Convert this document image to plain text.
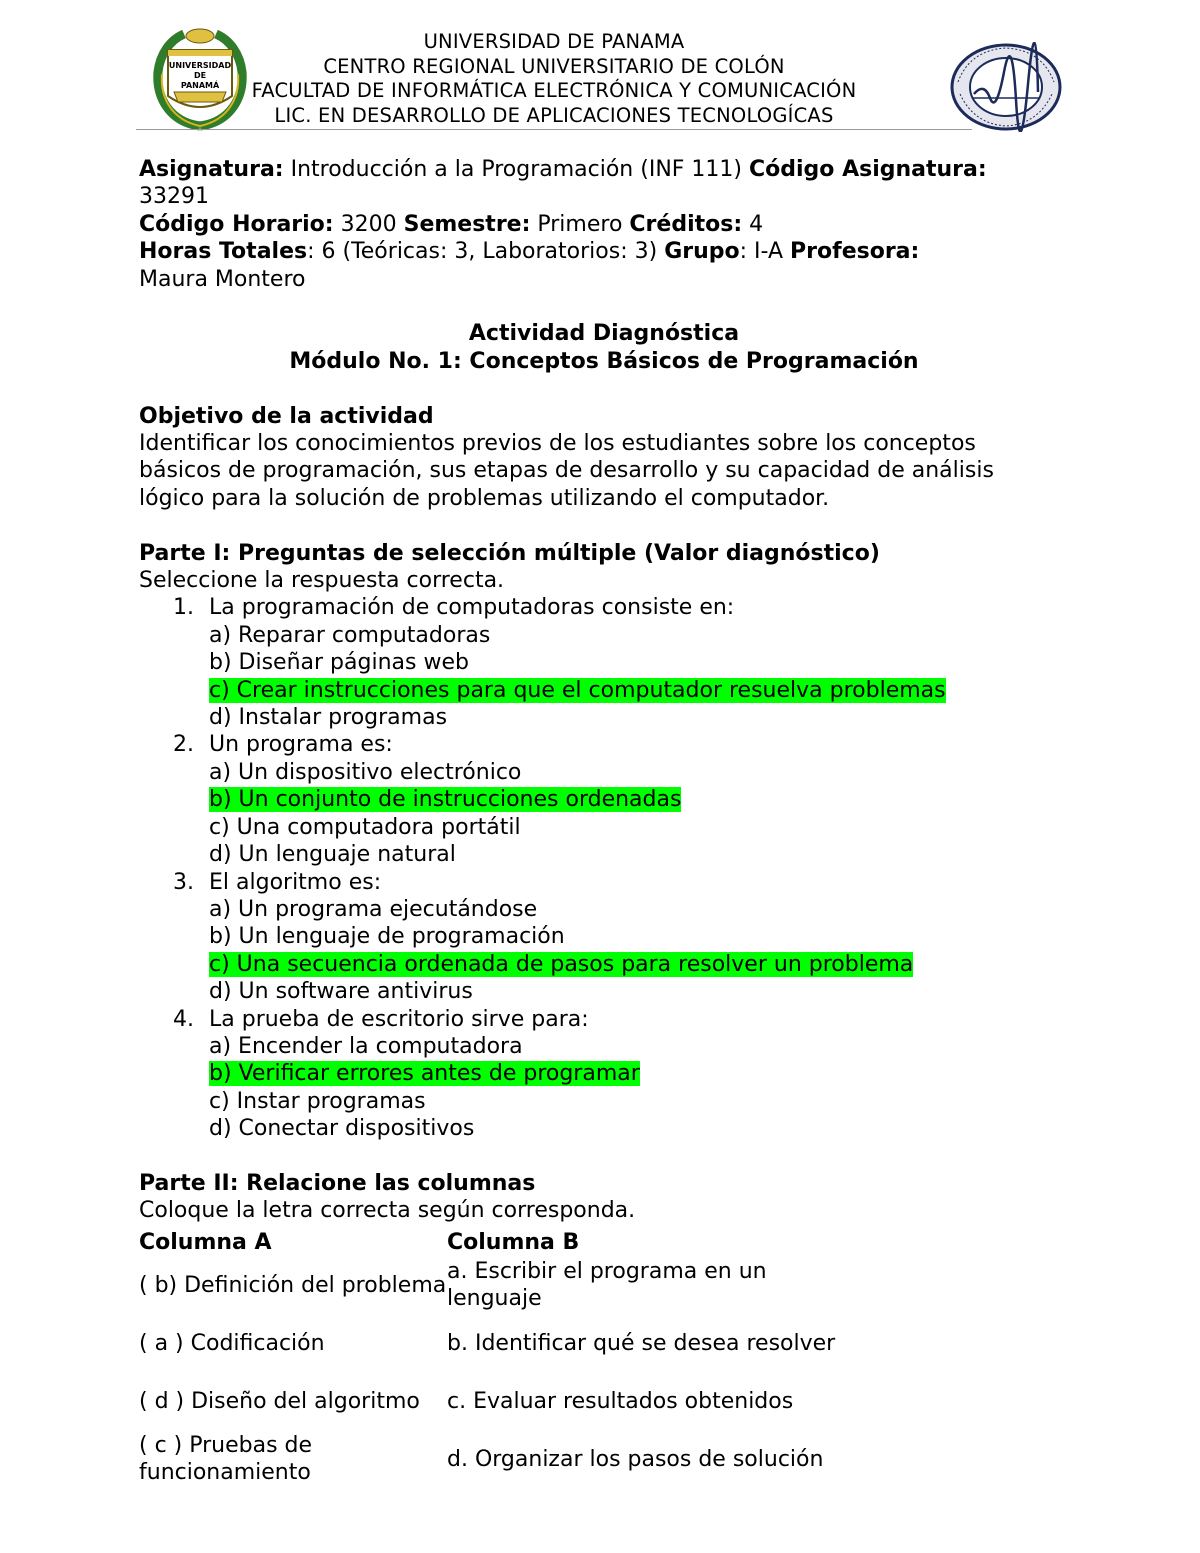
UNIVERSIDAD
DE
PANAMÁ
UNIVERSIDAD DE PANAMA
CENTRO REGIONAL UNIVERSITARIO DE COLÓN
FACULTAD DE INFORMÁTICA ELECTRÓNICA Y COMUNICACIÓN
LIC. EN DESARROLLO DE APLICACIONES TECNOLOGÍCAS

Asignatura: Introducción a la Programación (INF 111) Código Asignatura:

33291

Código Horario: 3200 Semestre: Primero Créditos: 4

Horas Totales: 6 (Teóricas: 3, Laboratorios: 3) Grupo: I-A Profesora:

Maura Montero

Actividad Diagnóstica

Módulo No. 1: Conceptos Básicos de Programación

Objetivo de la actividad

Identificar los conocimientos previos de los estudiantes sobre los conceptos

básicos de programación, sus etapas de desarrollo y su capacidad de análisis

lógico para la solución de problemas utilizando el computador.

Parte I: Preguntas de selección múltiple (Valor diagnóstico)

Seleccione la respuesta correcta.

1. La programación de computadoras consiste en:

a) Reparar computadoras

b) Diseñar páginas web

c) Crear instrucciones para que el computador resuelva problemas

d) Instalar programas

2. Un programa es:

a) Un dispositivo electrónico

b) Un conjunto de instrucciones ordenadas

c) Una computadora portátil

d) Un lenguaje natural

3. El algoritmo es:

a) Un programa ejecutándose

b) Un lenguaje de programación

c) Una secuencia ordenada de pasos para resolver un problema

d) Un software antivirus

4. La prueba de escritorio sirve para:

a) Encender la computadora

b) Verificar errores antes de programar

c) Instar programas

d) Conectar dispositivos

Parte II: Relacione las columnas

Coloque la letra correcta según corresponda.

Columna A	Columna B
( b) Definición del problema	a. Escribir el programa en un lenguaje
( a ) Codificación	b. Identificar qué se desea resolver
( d ) Diseño del algoritmo	c. Evaluar resultados obtenidos
( c ) Pruebas de funcionamiento	d. Organizar los pasos de solución
